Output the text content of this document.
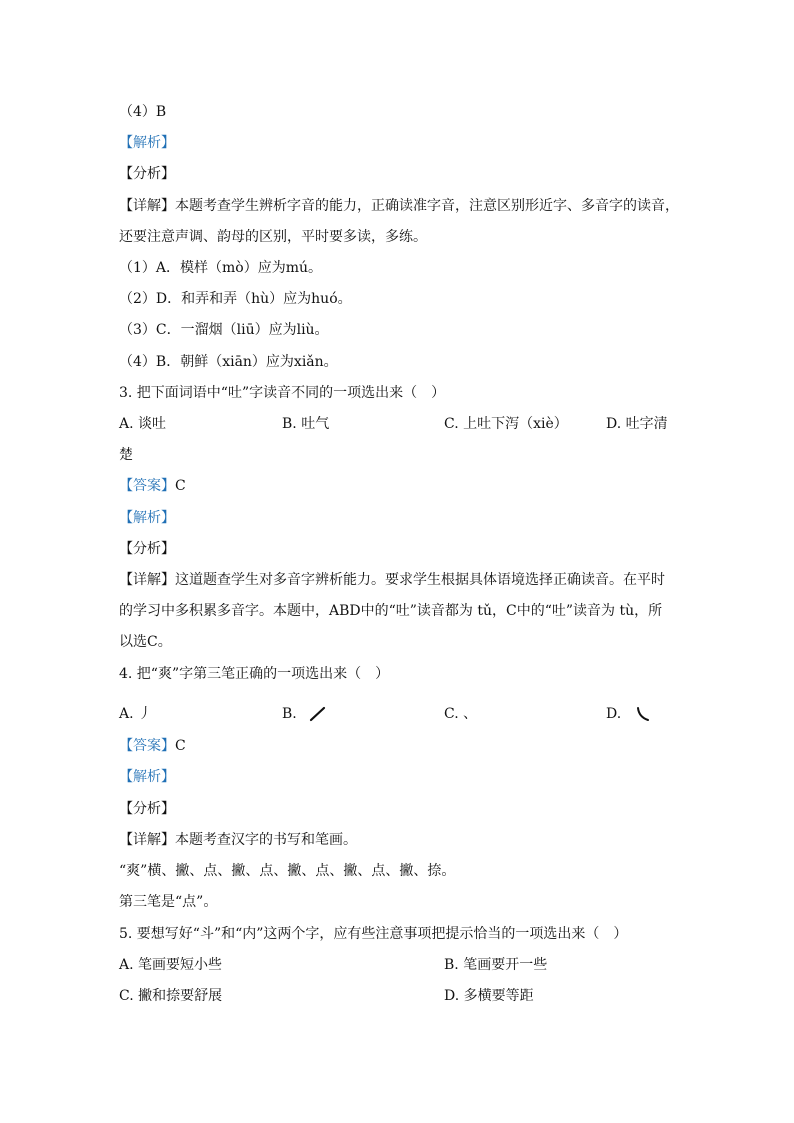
（4）B
【解析】
【分析】
【详解】本题考查学生辨析字音的能力，正确读准字音，注意区别形近字、多音字的读音，
还要注意声调、韵母的区别，平时要多读，多练。
（1）A．模样（mò）应为mú。
（2）D．和弄和弄（hù）应为huó。
（3）C．一溜烟（liū）应为liù。
（4）B．朝鲜（xiān）应为xiǎn。
3. 把下面词语中“吐”字读音不同的一项选出来（　）
A. 谈吐	B. 吐气	C. 上吐下泻（xiè）	D. 吐字清
楚
【答案】C
【解析】
【分析】
【详解】这道题查学生对多音字辨析能力。要求学生根据具体语境选择正确读音。在平时
的学习中多积累多音字。本题中，ABD中的“吐”读音都为 tǔ，C中的“吐”读音为 tù，所
以选C。
4. 把“爽”字第三笔正确的一项选出来（　）
A. 丿	B.	C. 、	D.
【答案】C
【解析】
【分析】
【详解】本题考查汉字的书写和笔画。
“爽”横、撇、点、撇、点、撇、点、撇、点、撇、捺。
第三笔是“点”。
5. 要想写好“斗”和“内”这两个字，应有些注意事项把提示恰当的一项选出来（　）
A. 笔画要短小些	B. 笔画要开一些
C. 撇和捺要舒展	D. 多横要等距
